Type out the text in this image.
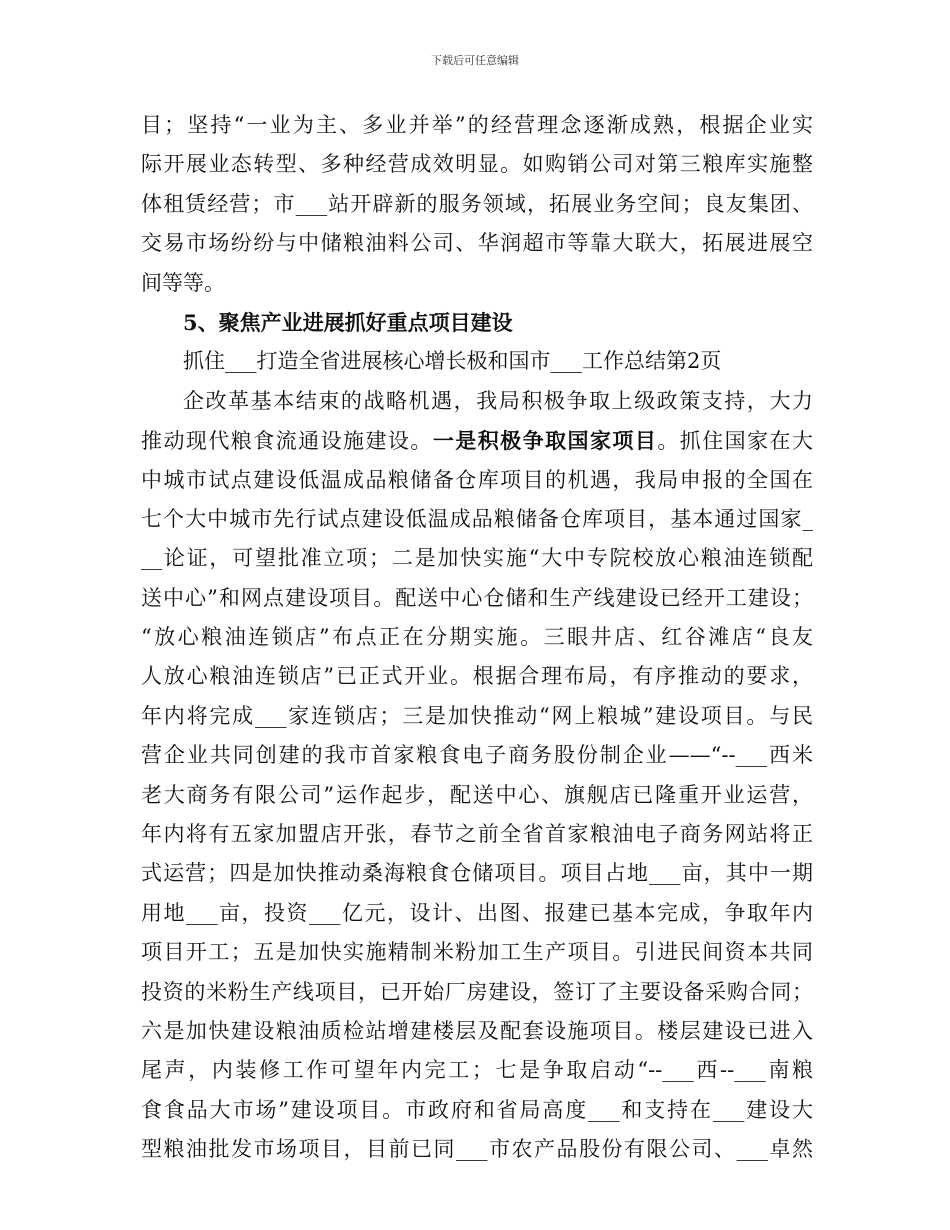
下载后可任意编辑
目；坚持“一业为主、多业并举”的经营理念逐渐成熟，根据企业实
际开展业态转型、多种经营成效明显。如购销公司对第三粮库实施整
体租赁经营；市___站开辟新的服务领域，拓展业务空间；良友集团、
交易市场纷纷与中储粮油料公司、华润超市等靠大联大，拓展进展空
间等等。
5、聚焦产业进展抓好重点项目建设
抓住___打造全省进展核心增长极和国市___工作总结第2页
企改革基本结束的战略机遇，我局积极争取上级政策支持，大力
推动现代粮食流通设施建设。一是积极争取国家项目。抓住国家在大
中城市试点建设低温成品粮储备仓库项目的机遇，我局申报的全国在
七个大中城市先行试点建设低温成品粮储备仓库项目，基本通过国家_
__论证，可望批准立项；二是加快实施“大中专院校放心粮油连锁配
送中心”和网点建设项目。配送中心仓储和生产线建设已经开工建设；
“放心粮油连锁店”布点正在分期实施。三眼井店、红谷滩店“良友
人放心粮油连锁店”已正式开业。根据合理布局，有序推动的要求，
年内将完成___家连锁店；三是加快推动“网上粮城”建设项目。与民
营企业共同创建的我市首家粮食电子商务股份制企业——“--___西米
老大商务有限公司”运作起步，配送中心、旗舰店已隆重开业运营，
年内将有五家加盟店开张，春节之前全省首家粮油电子商务网站将正
式运营；四是加快推动桑海粮食仓储项目。项目占地___亩，其中一期
用地___亩，投资___亿元，设计、出图、报建已基本完成，争取年内
项目开工；五是加快实施精制米粉加工生产项目。引进民间资本共同
投资的米粉生产线项目，已开始厂房建设，签订了主要设备采购合同；
六是加快建设粮油质检站增建楼层及配套设施项目。楼层建设已进入
尾声，内装修工作可望年内完工；七是争取启动“--___西--___南粮
食食品大市场”建设项目。市政府和省局高度___和支持在___建设大
型粮油批发市场项目，目前已同___市农产品股份有限公司、___卓然
